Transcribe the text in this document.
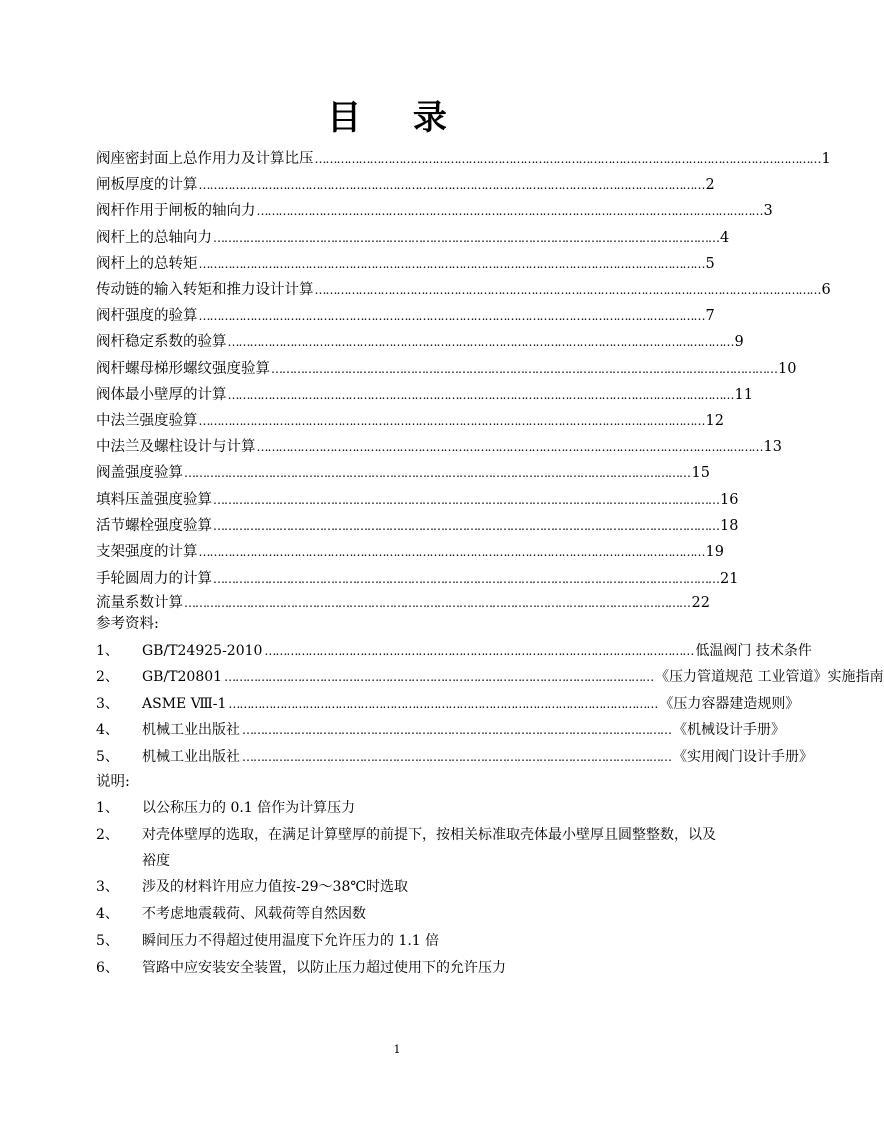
目 录
阀座密封面上总作用力及计算比压 ………………………………………………………………………………………………………………………… 1
闸板厚度的计算 ………………………………………………………………………………………………………………………… 2
阀杆作用于闸板的轴向力 ………………………………………………………………………………………………………………………… 3
阀杆上的总轴向力 ………………………………………………………………………………………………………………………… 4
阀杆上的总转矩 ………………………………………………………………………………………………………………………… 5
传动链的输入转矩和推力设计计算 ………………………………………………………………………………………………………………………… 6
阀杆强度的验算 ………………………………………………………………………………………………………………………… 7
阀杆稳定系数的验算 ………………………………………………………………………………………………………………………… 9
阀杆螺母梯形螺纹强度验算 ………………………………………………………………………………………………………………………… 10
阀体最小壁厚的计算 ………………………………………………………………………………………………………………………… 11
中法兰强度验算 ………………………………………………………………………………………………………………………… 12
中法兰及螺柱设计与计算 ………………………………………………………………………………………………………………………… 13
阀盖强度验算 ………………………………………………………………………………………………………………………… 15
填料压盖强度验算 ………………………………………………………………………………………………………………………… 16
活节螺栓强度验算 ………………………………………………………………………………………………………………………… 18
支架强度的计算 ………………………………………………………………………………………………………………………… 19
手轮圆周力的计算 ………………………………………………………………………………………………………………………… 21
流量系数计算 ………………………………………………………………………………………………………………………… 22
参考资料:
1、	GB/T24925-2010 ……………………………………………………………………………………………………… 低温阀门 技术条件
2、	GB/T20801 ……………………………………………………………………………………………………… 《压力管道规范 工业管道》实施指南
3、	ASME Ⅷ-1 ……………………………………………………………………………………………………… 《压力容器建造规则》
4、	机械工业出版社 ……………………………………………………………………………………………………… 《机械设计手册》
5、	机械工业出版社 ……………………………………………………………………………………………………… 《实用阀门设计手册》
说明:
1、	以公称压力的 0.1 倍作为计算压力
2、	对壳体壁厚的选取，在满足计算壁厚的前提下，按相关标准取壳体最小壁厚且圆整整数，以及裕度
3、	涉及的材料许用应力值按-29～38℃时选取
4、	不考虑地震载荷、风载荷等自然因数
5、	瞬间压力不得超过使用温度下允许压力的 1.1 倍
6、	管路中应安装安全装置，以防止压力超过使用下的允许压力
1
